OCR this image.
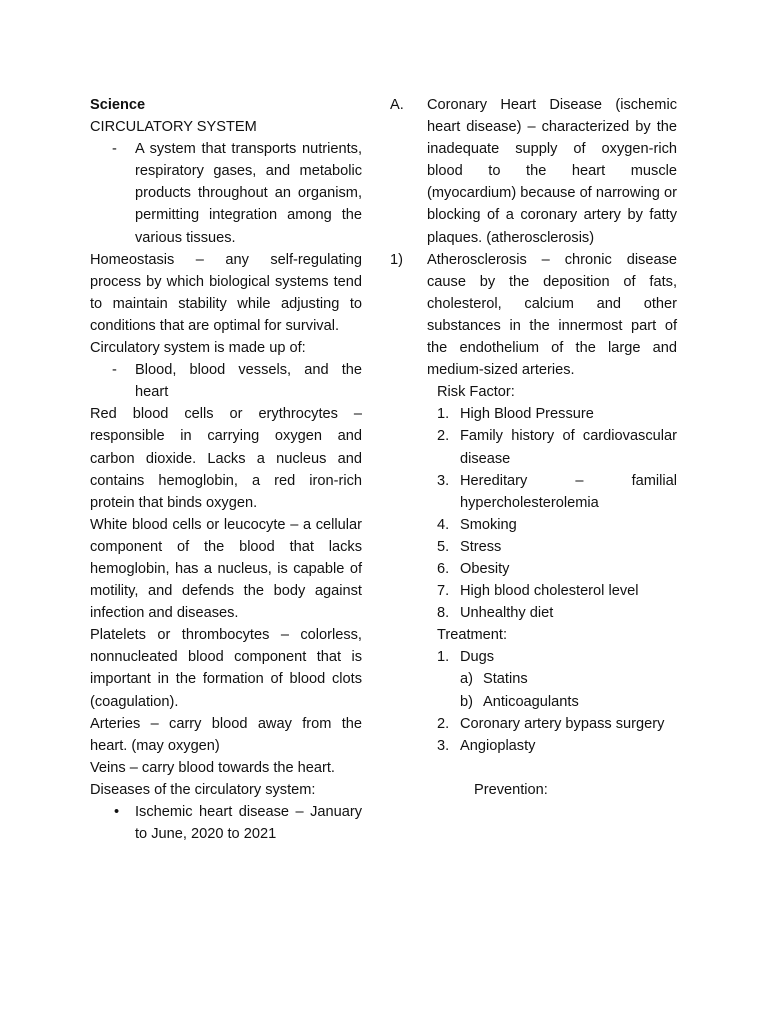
Science

CIRCULATORY SYSTEM

-	A system that transports nutrients, respiratory gases, and metabolic products throughout an organism, permitting integration among the various tissues.

Homeostasis – any self-regulating process by which biological systems tend to maintain stability while adjusting to conditions that are optimal for survival.

Circulatory system is made up of:

-	Blood, blood vessels, and the heart

Red blood cells or erythrocytes – responsible in carrying oxygen and carbon dioxide. Lacks a nucleus and contains hemoglobin, a red iron-rich protein that binds oxygen.

White blood cells or leucocyte – a cellular component of the blood that lacks hemoglobin, has a nucleus, is capable of motility, and defends the body against infection and diseases.

Platelets or thrombocytes – colorless, nonnucleated blood component that is important in the formation of blood clots (coagulation).

Arteries – carry blood away from the heart. (may oxygen)

Veins – carry blood towards the heart.

Diseases of the circulatory system:

•	Ischemic heart disease – January to June, 2020 to 2021
A.	Coronary Heart Disease (ischemic heart disease) – characterized by the inadequate supply of oxygen-rich blood to the heart muscle (myocardium) because of narrowing or blocking of a coronary artery by fatty plaques. (atherosclerosis)
1)	Atherosclerosis – chronic disease cause by the deposition of fats, cholesterol, calcium and other substances in the innermost part of the endothelium of the large and medium-sized arteries.

Risk Factor:

1. High Blood Pressure
2. Family history of cardiovascular disease
3. Hereditary – familial hypercholesterolemia
4. Smoking
5. Stress
6. Obesity
7. High blood cholesterol level
8. Unhealthy diet

Treatment:

1. Dugs
a) Statins
b) Anticoagulants
2. Coronary artery bypass surgery
3. Angioplasty

Prevention:
